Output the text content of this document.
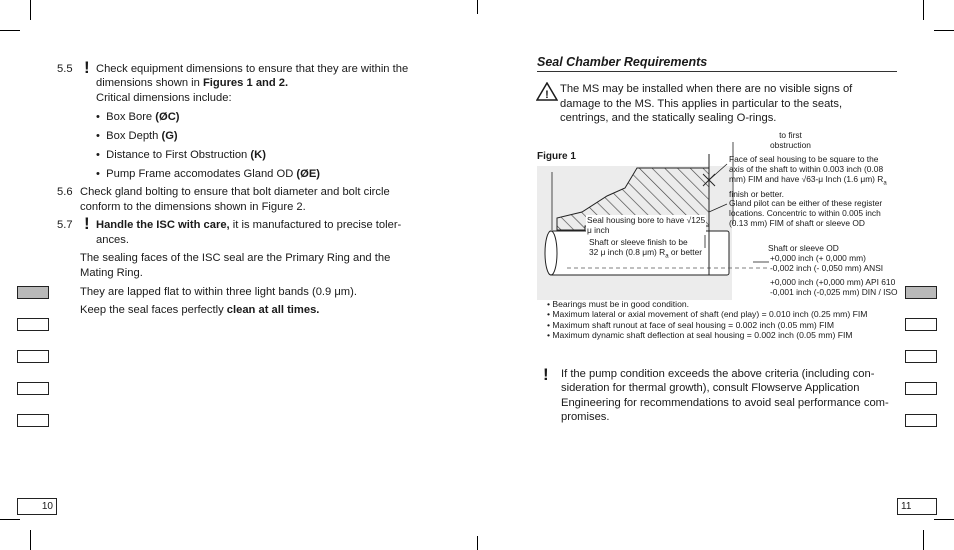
10	11
5.5 ! Check equipment dimensions to ensure that they are within the
dimensions shown in Figures 1 and 2.
Critical dimensions include:
• Box Bore (ØC)
• Box Depth (G)
• Distance to First Obstruction (K)
• Pump Frame accomodates Gland OD (ØE)
5.6 Check gland bolting to ensure that bolt diameter and bolt circle
conform to the dimensions shown in Figure 2.
5.7 ! Handle the ISC with care, it is manufactured to precise toler-
ances.
The sealing faces of the ISC seal are the Primary Ring and the
Mating Ring.
They are lapped flat to within three light bands (0.9 μm).
Keep the seal faces perfectly clean at all times.
Seal Chamber Requirements
! The MS may be installed when there are no visible signs of
damage to the MS. This applies in particular to the seats,
centrings, and the statically sealing O-rings.
Figure 1
to first
obstruction
Face of seal housing to be square to the
axis of the shaft to within 0.003 inch (0.08
mm) FIM and have √63-μ Inch (1.6 μm) $R_a$
finish or better.
Gland pilot can be either of these register
locations. Concentric to within 0.005 inch
(0.13 mm) FIM of shaft or sleeve OD
Seal housing bore to have √125
μ inch
Shaft or sleeve finish to be
32 μ inch (0.8 μm) $R_a$ or better	Shaft or sleeve OD
+0,000 inch (+ 0,000 mm)
-0,002 inch (- 0,050 mm) ANSI
+0,000 inch (+0,000 mm) API 610
-0,001 inch (-0,025 mm) DIN / ISO
• Bearings must be in good condition.
• Maximum lateral or axial movement of shaft (end play) = 0.010 inch (0.25 mm) FIM
• Maximum shaft runout at face of seal housing = 0.002 inch (0.05 mm) FIM
• Maximum dynamic shaft deflection at seal housing = 0.002 inch (0.05 mm) FIM
! If the pump condition exceeds the above criteria (including con-
sideration for thermal growth), consult Flowserve Application
Engineering for recommendations to avoid seal performance com-
promises.
